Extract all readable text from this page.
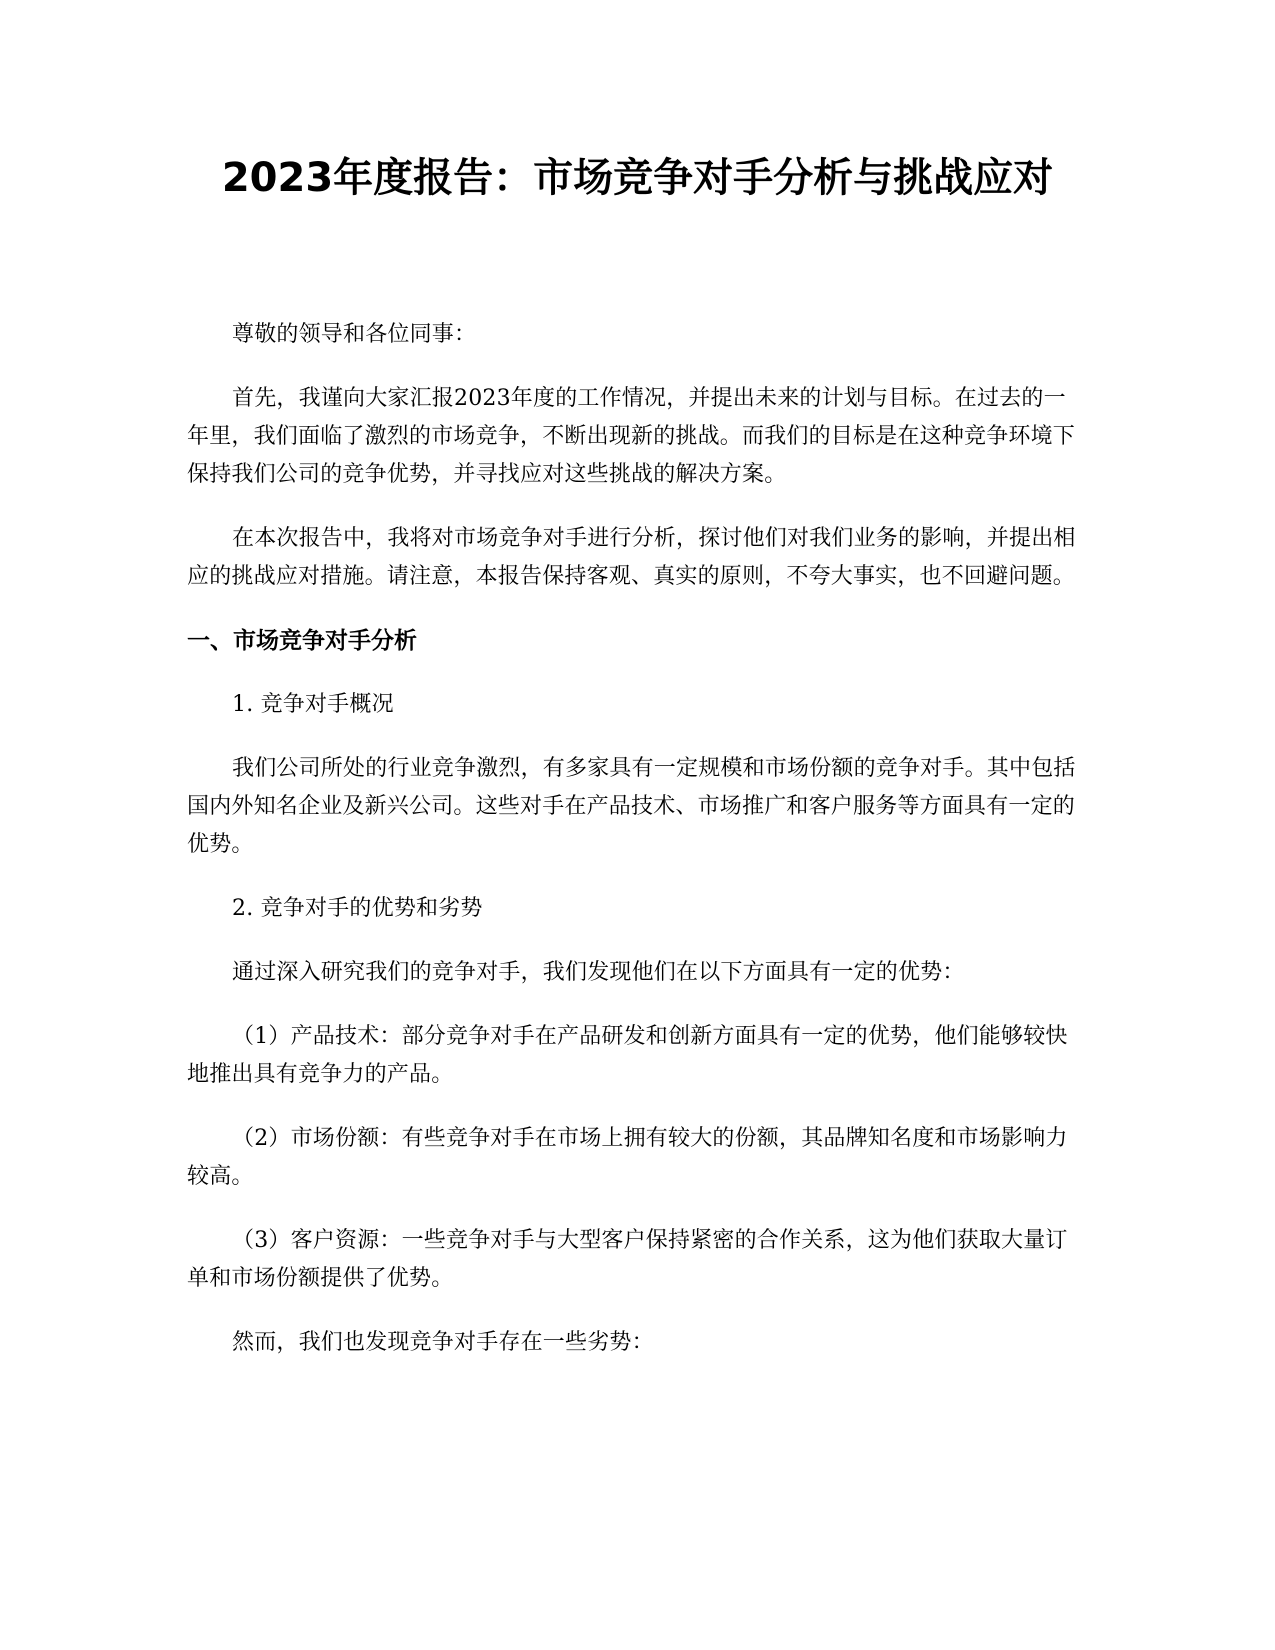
2023年度报告：市场竞争对手分析与挑战应对

尊敬的领导和各位同事：

首先，我谨向大家汇报2023年度的工作情况，并提出未来的计划与目标。在过去的一年里，我们面临了激烈的市场竞争，不断出现新的挑战。而我们的目标是在这种竞争环境下保持我们公司的竞争优势，并寻找应对这些挑战的解决方案。

在本次报告中，我将对市场竞争对手进行分析，探讨他们对我们业务的影响，并提出相应的挑战应对措施。请注意，本报告保持客观、真实的原则，不夸大事实，也不回避问题。

一、市场竞争对手分析

1. 竞争对手概况

我们公司所处的行业竞争激烈，有多家具有一定规模和市场份额的竞争对手。其中包括国内外知名企业及新兴公司。这些对手在产品技术、市场推广和客户服务等方面具有一定的优势。

2. 竞争对手的优势和劣势

通过深入研究我们的竞争对手，我们发现他们在以下方面具有一定的优势：

（1）产品技术：部分竞争对手在产品研发和创新方面具有一定的优势，他们能够较快地推出具有竞争力的产品。

（2）市场份额：有些竞争对手在市场上拥有较大的份额，其品牌知名度和市场影响力较高。

（3）客户资源：一些竞争对手与大型客户保持紧密的合作关系，这为他们获取大量订单和市场份额提供了优势。

然而，我们也发现竞争对手存在一些劣势：
